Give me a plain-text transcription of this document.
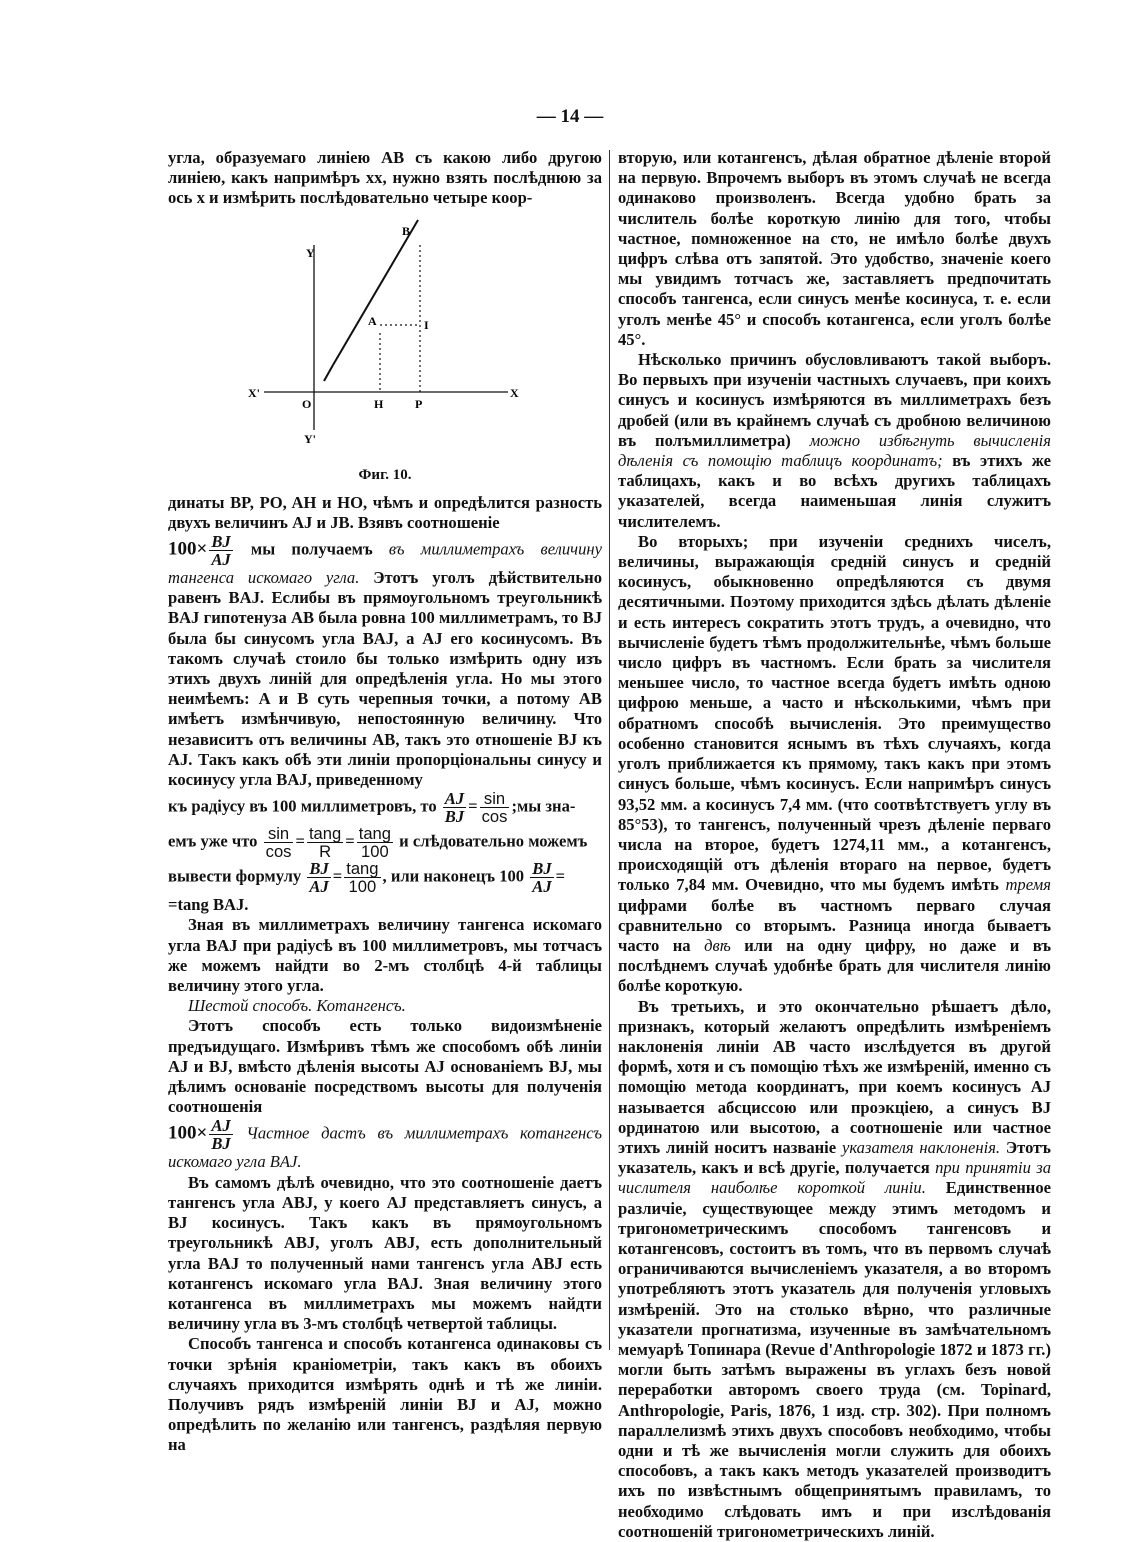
— 14 —

угла, образуемаго линіею AB съ какою либо другою линіею, какъ напримѣръ xx, нужно взять послѣднюю за ось x и измѣрить послѣдовательно четыре коор-

Y
Y'
X'	X
B
A	I
O	H	P
Фиг. 10.

динаты BP, PO, AH и HO, чѣмъ и опредѣлится разность двухъ величинъ AJ и JB. Взявъ соотношеніе
$100\times \frac{BJ}{AJ}$ мы получаемъ въ миллиметрахъ величину тангенса искомаго угла. Этотъ уголъ дѣйствительно равенъ BAJ. Еслибы въ прямоугольномъ треугольникѣ BAJ гипотенуза AB была ровна 100 миллиметрамъ, то BJ была бы синусомъ угла BAJ, а AJ его косинусомъ. Въ такомъ случаѣ стоило бы только измѣрить одну изъ этихъ двухъ линій для опредѣленія угла. Но мы этого неимѣемъ: A и B суть черепныя точки, а потому AB имѣетъ измѣнчивую, непостоянную величину. Что независитъ отъ величины AB, такъ это отношеніе BJ къ AJ. Такъ какъ обѣ эти линіи пропорціональны синусу и косинусу угла BAJ, приведенному
къ радіусу въ 100 миллиметровъ, то $\frac{AJ}{BJ} = \frac{\sin}{\cos}$ ;мы зна-
емъ уже что $\frac{\sin}{\cos} = \frac{\tan g}{R} = \frac{\tan g}{100}$ и слѣдовательно можемъ
вывести формулу $\frac{BJ}{AJ} = \frac{\tan g}{100}$ , или наконецъ $100 \frac{BJ}{AJ}$ =
=tang BAJ.

Зная въ миллиметрахъ величину тангенса искомаго угла BAJ при радіусѣ въ 100 миллиметровъ, мы тотчасъ же можемъ найдти во 2-мъ столбцѣ 4-й таблицы величину этого угла.

Шестой способъ. Котангенсъ.

Этотъ способъ есть только видоизмѣненіе предъидущаго. Измѣривъ тѣмъ же способомъ обѣ линіи AJ и BJ, вмѣсто дѣленія высоты AJ основаніемъ BJ, мы дѣлимъ основаніе посредствомъ высоты для полученія соотношенія

$100\times \frac{AJ}{BJ}$ Частное дастъ въ миллиметрахъ котангенсъ искомаго угла BAJ.

Въ самомъ дѣлѣ очевидно, что это соотношеніе даетъ тангенсъ угла ABJ, у коего AJ представляетъ синусъ, а BJ косинусъ. Такъ какъ въ прямоугольномъ треугольникѣ ABJ, уголъ ABJ, есть дополнительный угла BAJ то полученный нами тангенсъ угла ABJ есть котангенсъ искомаго угла BAJ. Зная величину этого котангенса въ миллиметрахъ мы можемъ найдти величину угла въ 3-мъ столбцѣ четвертой таблицы.

Способъ тангенса и способъ котангенса одинаковы съ точки зрѣнія краніометріи, такъ какъ въ обоихъ случаяхъ приходится измѣрять однѣ и тѣ же линіи. Получивъ рядъ измѣреній линіи BJ и AJ, можно опредѣлить по желанію или тангенсъ, раздѣляя первую на

вторую, или котангенсъ, дѣлая обратное дѣленіе второй на первую. Впрочемъ выборъ въ этомъ случаѣ не всегда одинаково произволенъ. Всегда удобно брать за числитель болѣе короткую линію для того, чтобы частное, помноженное на сто, не имѣло болѣе двухъ цифръ слѣва отъ запятой. Это удобство, значеніе коего мы увидимъ тотчасъ же, заставляетъ предпочитать способъ тангенса, если синусъ менѣе косинуса, т. е. если уголъ менѣе 45° и способъ котангенса, если уголъ болѣе 45°.

Нѣсколько причинъ обусловливаютъ такой выборъ. Во первыхъ при изученіи частныхъ случаевъ, при коихъ синусъ и косинусъ измѣряются въ миллиметрахъ безъ дробей (или въ крайнемъ случаѣ съ дробною величиною въ полъмиллиметра) можно избѣгнуть вычисленія дѣленія съ помощію таблицъ координатъ; въ этихъ же таблицахъ, какъ и во всѣхъ другихъ таблицахъ указателей, всегда наименьшая линія служитъ числителемъ.

Во вторыхъ; при изученіи среднихъ чиселъ, величины, выражающія средній синусъ и средній косинусъ, обыкновенно опредѣляются съ двумя десятичными. Поэтому приходится здѣсь дѣлать дѣленіе и есть интересъ сократить этотъ трудъ, а очевидно, что вычисленіе будетъ тѣмъ продолжительнѣе, чѣмъ больше число цифръ въ частномъ. Если брать за числителя меньшее число, то частное всегда будетъ имѣть одною цифрою меньше, а часто и нѣсколькими, чѣмъ при обратномъ способѣ вычисленія. Это преимущество особенно становится яснымъ въ тѣхъ случаяхъ, когда уголъ приближается къ прямому, такъ какъ при этомъ синусъ больше, чѣмъ косинусъ. Если напримѣръ синусъ 93,52 мм. а косинусъ 7,4 мм. (что соотвѣтствуетъ углу въ 85°53), то тангенсъ, полученный чрезъ дѣленіе перваго числа на второе, будетъ 1274,11 мм., а котангенсъ, происходящій отъ дѣленія втораго на первое, будетъ только 7,84 мм. Очевидно, что мы будемъ имѣть тремя цифрами болѣе въ частномъ перваго случая сравнительно со вторымъ. Разница иногда бываетъ часто на двѣ или на одну цифру, но даже и въ послѣднемъ случаѣ удобнѣе брать для числителя линію болѣе короткую.

Въ третьихъ, и это окончательно рѣшаетъ дѣло, признакъ, который желаютъ опредѣлить измѣреніемъ наклоненія линіи AB часто изслѣдуется въ другой формѣ, хотя и съ помощію тѣхъ же измѣреній, именно съ помощію метода координатъ, при коемъ косинусъ AJ называется абсциссою или проэкціею, а синусъ BJ ординатою или высотою, а соотношеніе или частное этихъ линій носитъ названіе указателя наклоненія. Этотъ указатель, какъ и всѣ другіе, получается при принятіи за числителя наиболѣе короткой линіи. Единственное различіе, существующее между этимъ методомъ и тригонометрическимъ способомъ тангенсовъ и котангенсовъ, состоитъ въ томъ, что въ первомъ случаѣ ограничиваются вычисленіемъ указателя, а во второмъ употребляютъ этотъ указатель для полученія угловыхъ измѣреній. Это на столько вѣрно, что различные указатели прогнатизма, изученные въ замѣчательномъ мемуарѣ Топинара (Revue d'Anthropologie 1872 и 1873 гг.) могли быть затѣмъ выражены въ углахъ безъ новой переработки авторомъ своего труда (см. Topinard, Anthropologie, Paris, 1876, 1 изд. стр. 302). При полномъ параллелизмѣ этихъ двухъ способовъ необходимо, чтобы одни и тѣ же вычисленія могли служить для обоихъ способовъ, а такъ какъ методъ указателей производитъ ихъ по извѣстнымъ общепринятымъ правиламъ, то необходимо слѣдовать имъ и при изслѣдованія соотношеній тригонометрическихъ линій.
